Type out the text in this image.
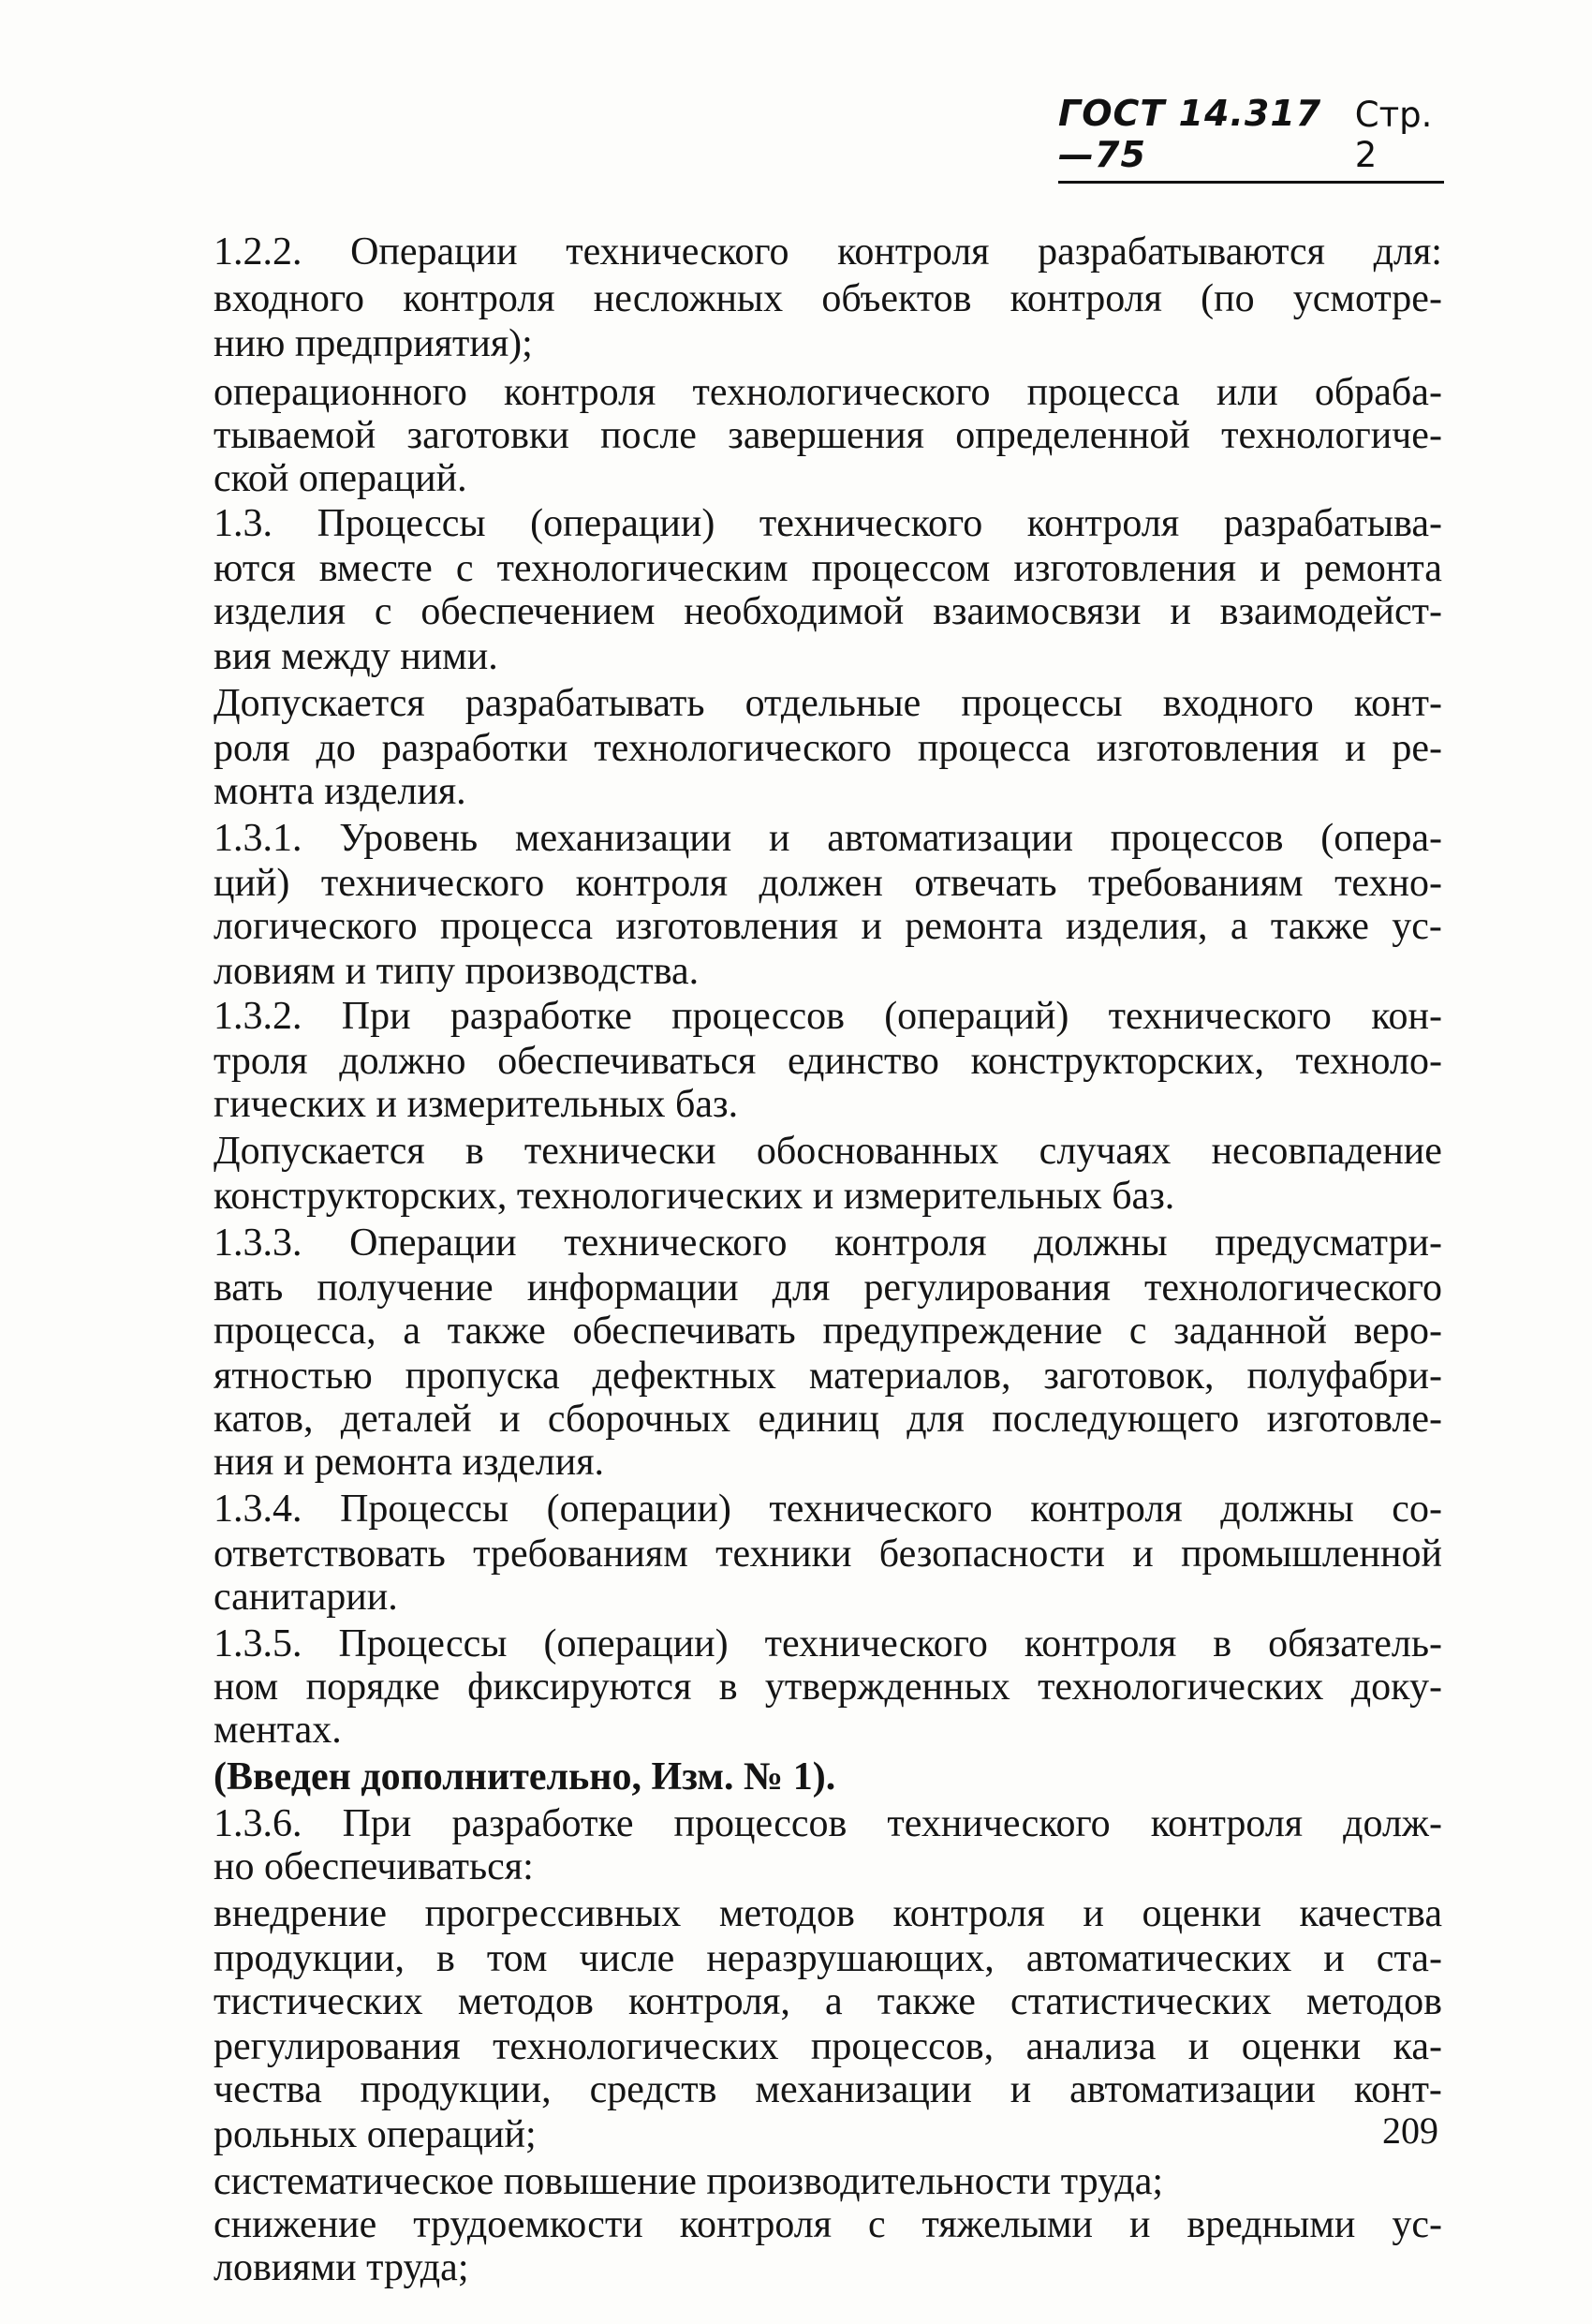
ГОСТ 14.317—75
Стр. 2
1.2.2. Операции технического контроля разрабатываются для:
входного контроля несложных объектов контроля (по усмотре-
нию предприятия);
операционного контроля технологического процесса или обраба-
тываемой заготовки после завершения определенной технологиче-
ской операций.
1.3. Процессы (операции) технического контроля разрабатыва-
ются вместе с технологическим процессом изготовления и ремонта
изделия с обеспечением необходимой взаимосвязи и взаимодейст-
вия между ними.
Допускается разрабатывать отдельные процессы входного конт-
роля до разработки технологического процесса изготовления и ре-
монта изделия.
1.3.1. Уровень механизации и автоматизации процессов (опера-
ций) технического контроля должен отвечать требованиям техно-
логического процесса изготовления и ремонта изделия, а также ус-
ловиям и типу производства.
1.3.2. При разработке процессов (операций) технического кон-
троля должно обеспечиваться единство конструкторских, техноло-
гических и измерительных баз.
Допускается в технически обоснованных случаях несовпадение
конструкторских, технологических и измерительных баз.
1.3.3. Операции технического контроля должны предусматри-
вать получение информации для регулирования технологического
процесса, а также обеспечивать предупреждение с заданной веро-
ятностью пропуска дефектных материалов, заготовок, полуфабри-
катов, деталей и сборочных единиц для последующего изготовле-
ния и ремонта изделия.
1.3.4. Процессы (операции) технического контроля должны со-
ответствовать требованиям техники безопасности и промышленной
санитарии.
1.3.5. Процессы (операции) технического контроля в обязатель-
ном порядке фиксируются в утвержденных технологических доку-
ментах.
(Введен дополнительно, Изм. № 1).
1.3.6. При разработке процессов технического контроля долж-
но обеспечиваться:
внедрение прогрессивных методов контроля и оценки качества
продукции, в том числе неразрушающих, автоматических и ста-
тистических методов контроля, а также статистических методов
регулирования технологических процессов, анализа и оценки ка-
чества продукции, средств механизации и автоматизации конт-
рольных операций;
систематическое повышение производительности труда;
снижение трудоемкости контроля с тяжелыми и вредными ус-
ловиями труда;
209
